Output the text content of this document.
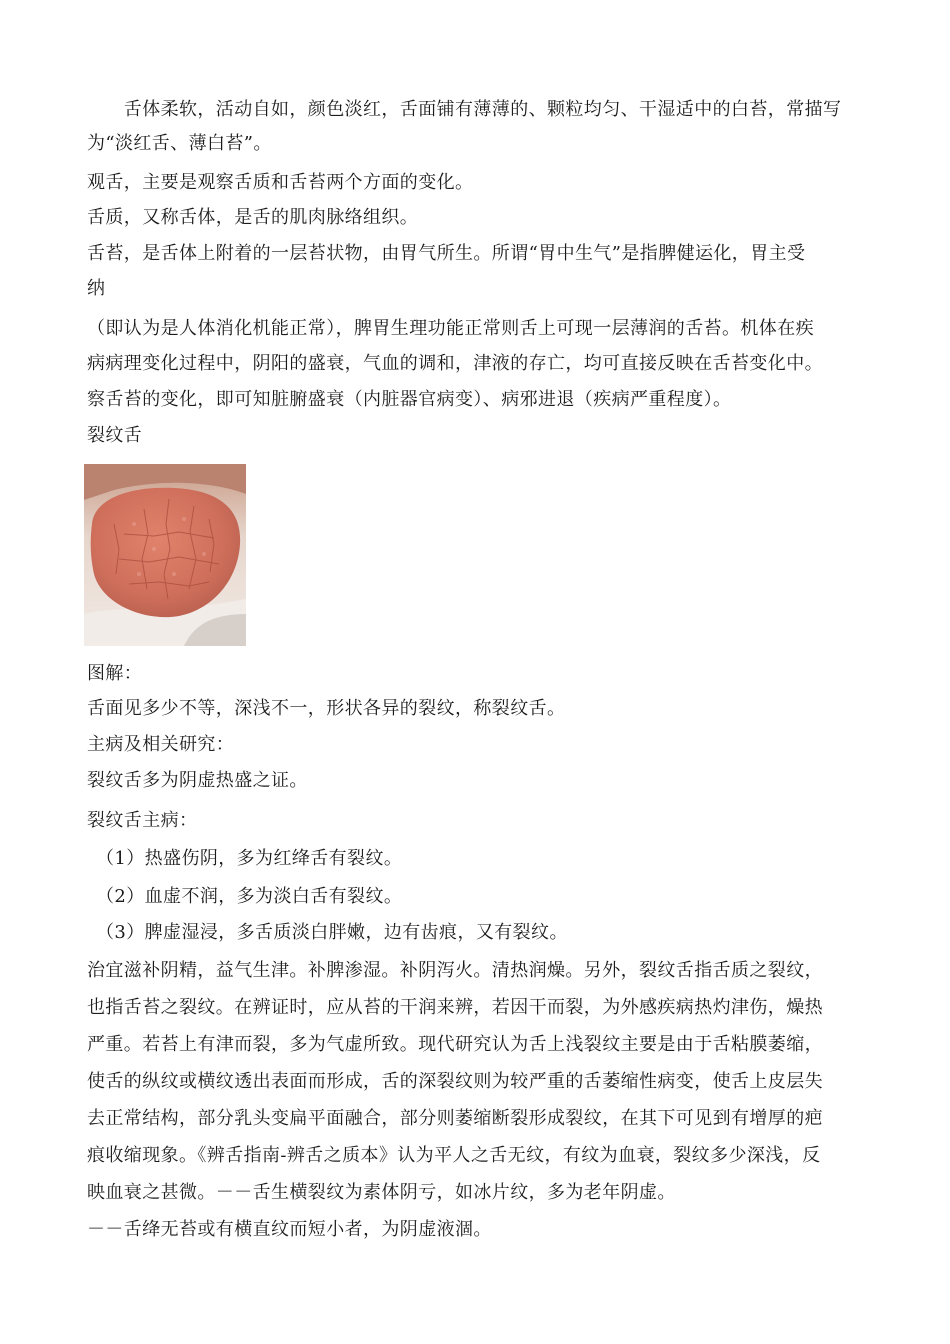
　　舌体柔软，活动自如，颜色淡红，舌面铺有薄薄的、颗粒均匀、干湿适中的白苔，常描写
为“淡红舌、薄白苔”。
观舌，主要是观察舌质和舌苔两个方面的变化。
舌质，又称舌体，是舌的肌肉脉络组织。
舌苔，是舌体上附着的一层苔状物，由胃气所生。所谓“胃中生气”是指脾健运化，胃主受
纳
（即认为是人体消化机能正常），脾胃生理功能正常则舌上可现一层薄润的舌苔。机体在疾
病病理变化过程中，阴阳的盛衰，气血的调和，津液的存亡，均可直接反映在舌苔变化中。
察舌苔的变化，即可知脏腑盛衰（内脏器官病变）、病邪进退（疾病严重程度）。
裂纹舌
图解：
舌面见多少不等，深浅不一，形状各异的裂纹，称裂纹舌。
主病及相关研究：
裂纹舌多为阴虚热盛之证。
裂纹舌主病：
（1）热盛伤阴，多为红绛舌有裂纹。
（2）血虚不润，多为淡白舌有裂纹。
（3）脾虚湿浸，多舌质淡白胖嫩，边有齿痕，又有裂纹。
治宜滋补阴精，益气生津。补脾渗湿。补阴泻火。清热润燥。另外，裂纹舌指舌质之裂纹，
也指舌苔之裂纹。在辨证时，应从苔的干润来辨，若因干而裂，为外感疾病热灼津伤，燥热
严重。若苔上有津而裂，多为气虚所致。现代研究认为舌上浅裂纹主要是由于舌粘膜萎缩，
使舌的纵纹或横纹透出表面而形成，舌的深裂纹则为较严重的舌萎缩性病变，使舌上皮层失
去正常结构，部分乳头变扁平面融合，部分则萎缩断裂形成裂纹，在其下可见到有增厚的疤
痕收缩现象。《辨舌指南-辨舌之质本》认为平人之舌无纹，有纹为血衰，裂纹多少深浅，反
映血衰之甚微。－－舌生横裂纹为素体阴亏，如冰片纹，多为老年阴虚。
－－舌绛无苔或有横直纹而短小者，为阴虚液涸。
